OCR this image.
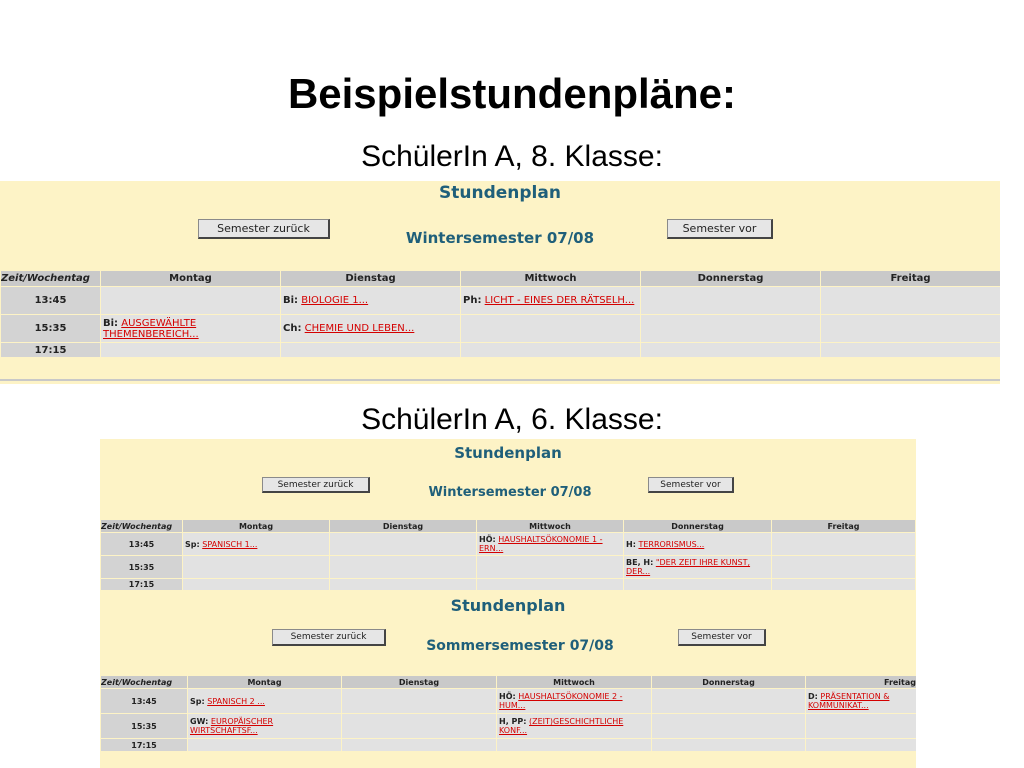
Beispielstundenpläne:
SchülerIn A, 8. Klasse:
Stundenplan
Semester zurück
Wintersemester 07/08
Semester vor
Zeit/Wochentag	Montag	Dienstag	Mittwoch	Donnerstag	Freitag
13:45		Bi: BIOLOGIE 1...	Ph: LICHT - EINES DER RÄTSELH...		
15:35	Bi: AUSGEWÄHLTE THEMENBEREICH...	Ch: CHEMIE UND LEBEN...			
17:15					
SchülerIn A, 6. Klasse:
Stundenplan
Semester zurück
Wintersemester 07/08
Semester vor
Zeit/Wochentag	Montag	Dienstag	Mittwoch	Donnerstag	Freitag
13:45	Sp: SPANISCH 1...		HÖ: HAUSHALTSÖKONOMIE 1 - ERN...	H: TERRORISMUS...	
15:35				BE, H: "DER ZEIT IHRE KUNST, DER...	
17:15					
Stundenplan
Semester zurück
Sommersemester 07/08
Semester vor
Zeit/Wochentag	Montag	Dienstag	Mittwoch	Donnerstag	Freitag
13:45	Sp: SPANISCH 2 ...		HÖ: HAUSHALTSÖKONOMIE 2 - HUM...		D: PRÄSENTATION & KOMMUNIKAT...
15:35	GW: EUROPÄISCHER WIRTSCHAFTSF...		H, PP: (ZEIT)GESCHICHTLICHE KONF...		
17:15					
